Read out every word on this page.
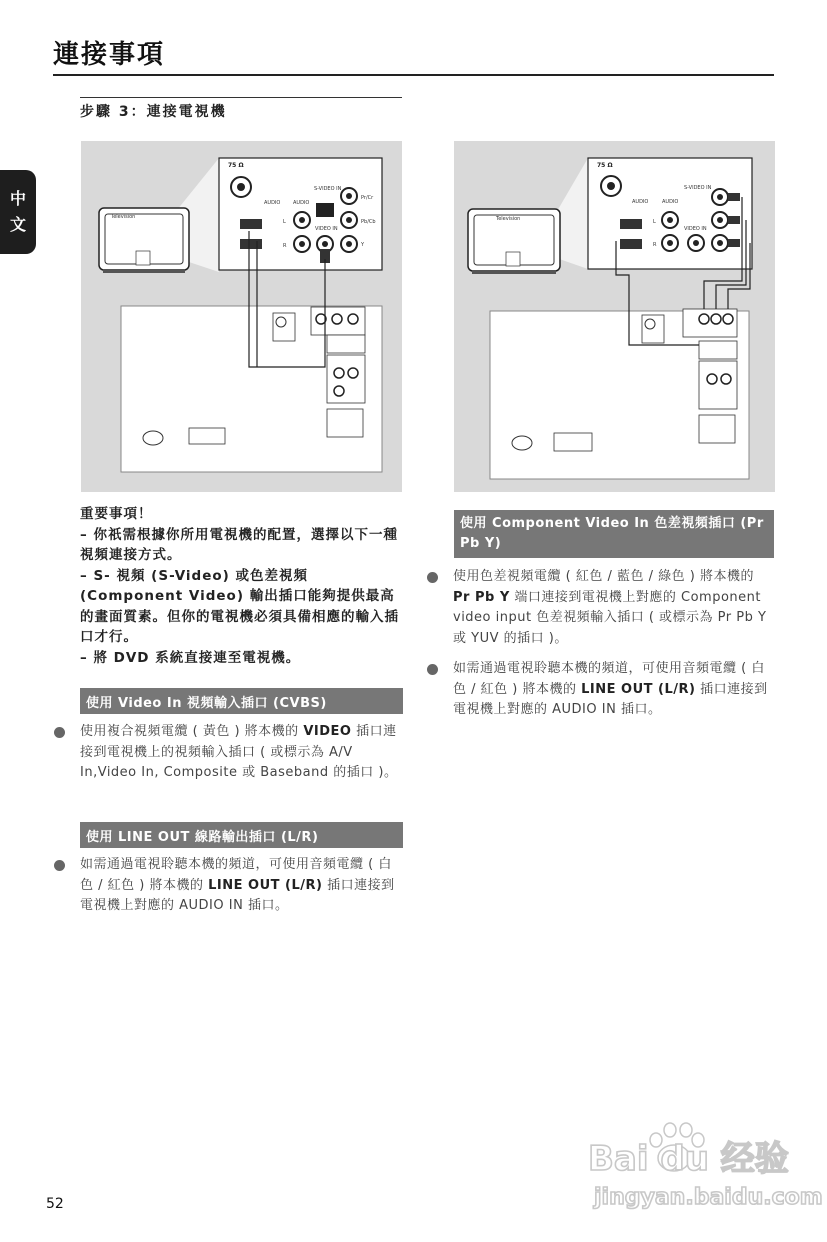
連接事項
步驟 3：連接電視機
中
文	Television
75 Ω
AUDIO	AUDIO
S-VIDEO IN
VIDEO IN
Pr/Cr
Pb/Cb
Y
L
R
Television
75 Ω
AUDIO	AUDIO
S-VIDEO IN
VIDEO IN
L
R
重要事項！
– 你祇需根據你所用電視機的配置，選擇以下一種視頻連接方式。
– S- 視頻 (S-Video) 或色差視頻 (Component Video) 輸出插口能夠提供最高的畫面質素。但你的電視機必須具備相應的輸入插口才行。
– 將 DVD 系統直接連至電視機。
使用 Video In 視頻輸入插口 (CVBS)
使用複合視頻電纜 ( 黃色 ) 將本機的 VIDEO 插口連接到電視機上的視頻輸入插口 ( 或標示為 A/V In,Video In, Composite 或 Baseband 的插口 )。
使用 LINE OUT 線路輸出插口 (L/R)
如需通過電視聆聽本機的頻道，可使用音頻電纜 ( 白色 / 紅色 ) 將本機的 LINE OUT (L/R) 插口連接到電視機上對應的 AUDIO IN 插口。
使用 Component Video In 色差視頻插口 (Pr Pb Y)
使用色差視頻電纜 ( 紅色 / 藍色 / 綠色 ) 將本機的 Pr Pb Y 端口連接到電視機上對應的 Component video input 色差視頻輸入插口 ( 或標示為 Pr Pb Y 或 YUV 的插口 )。
如需通過電視聆聽本機的頻道，可使用音頻電纜 ( 白色 / 紅色 ) 將本機的 LINE OUT (L/R) 插口連接到電視機上對應的 AUDIO IN 插口。
52
Bai du 经验
jingyan.baidu.com
